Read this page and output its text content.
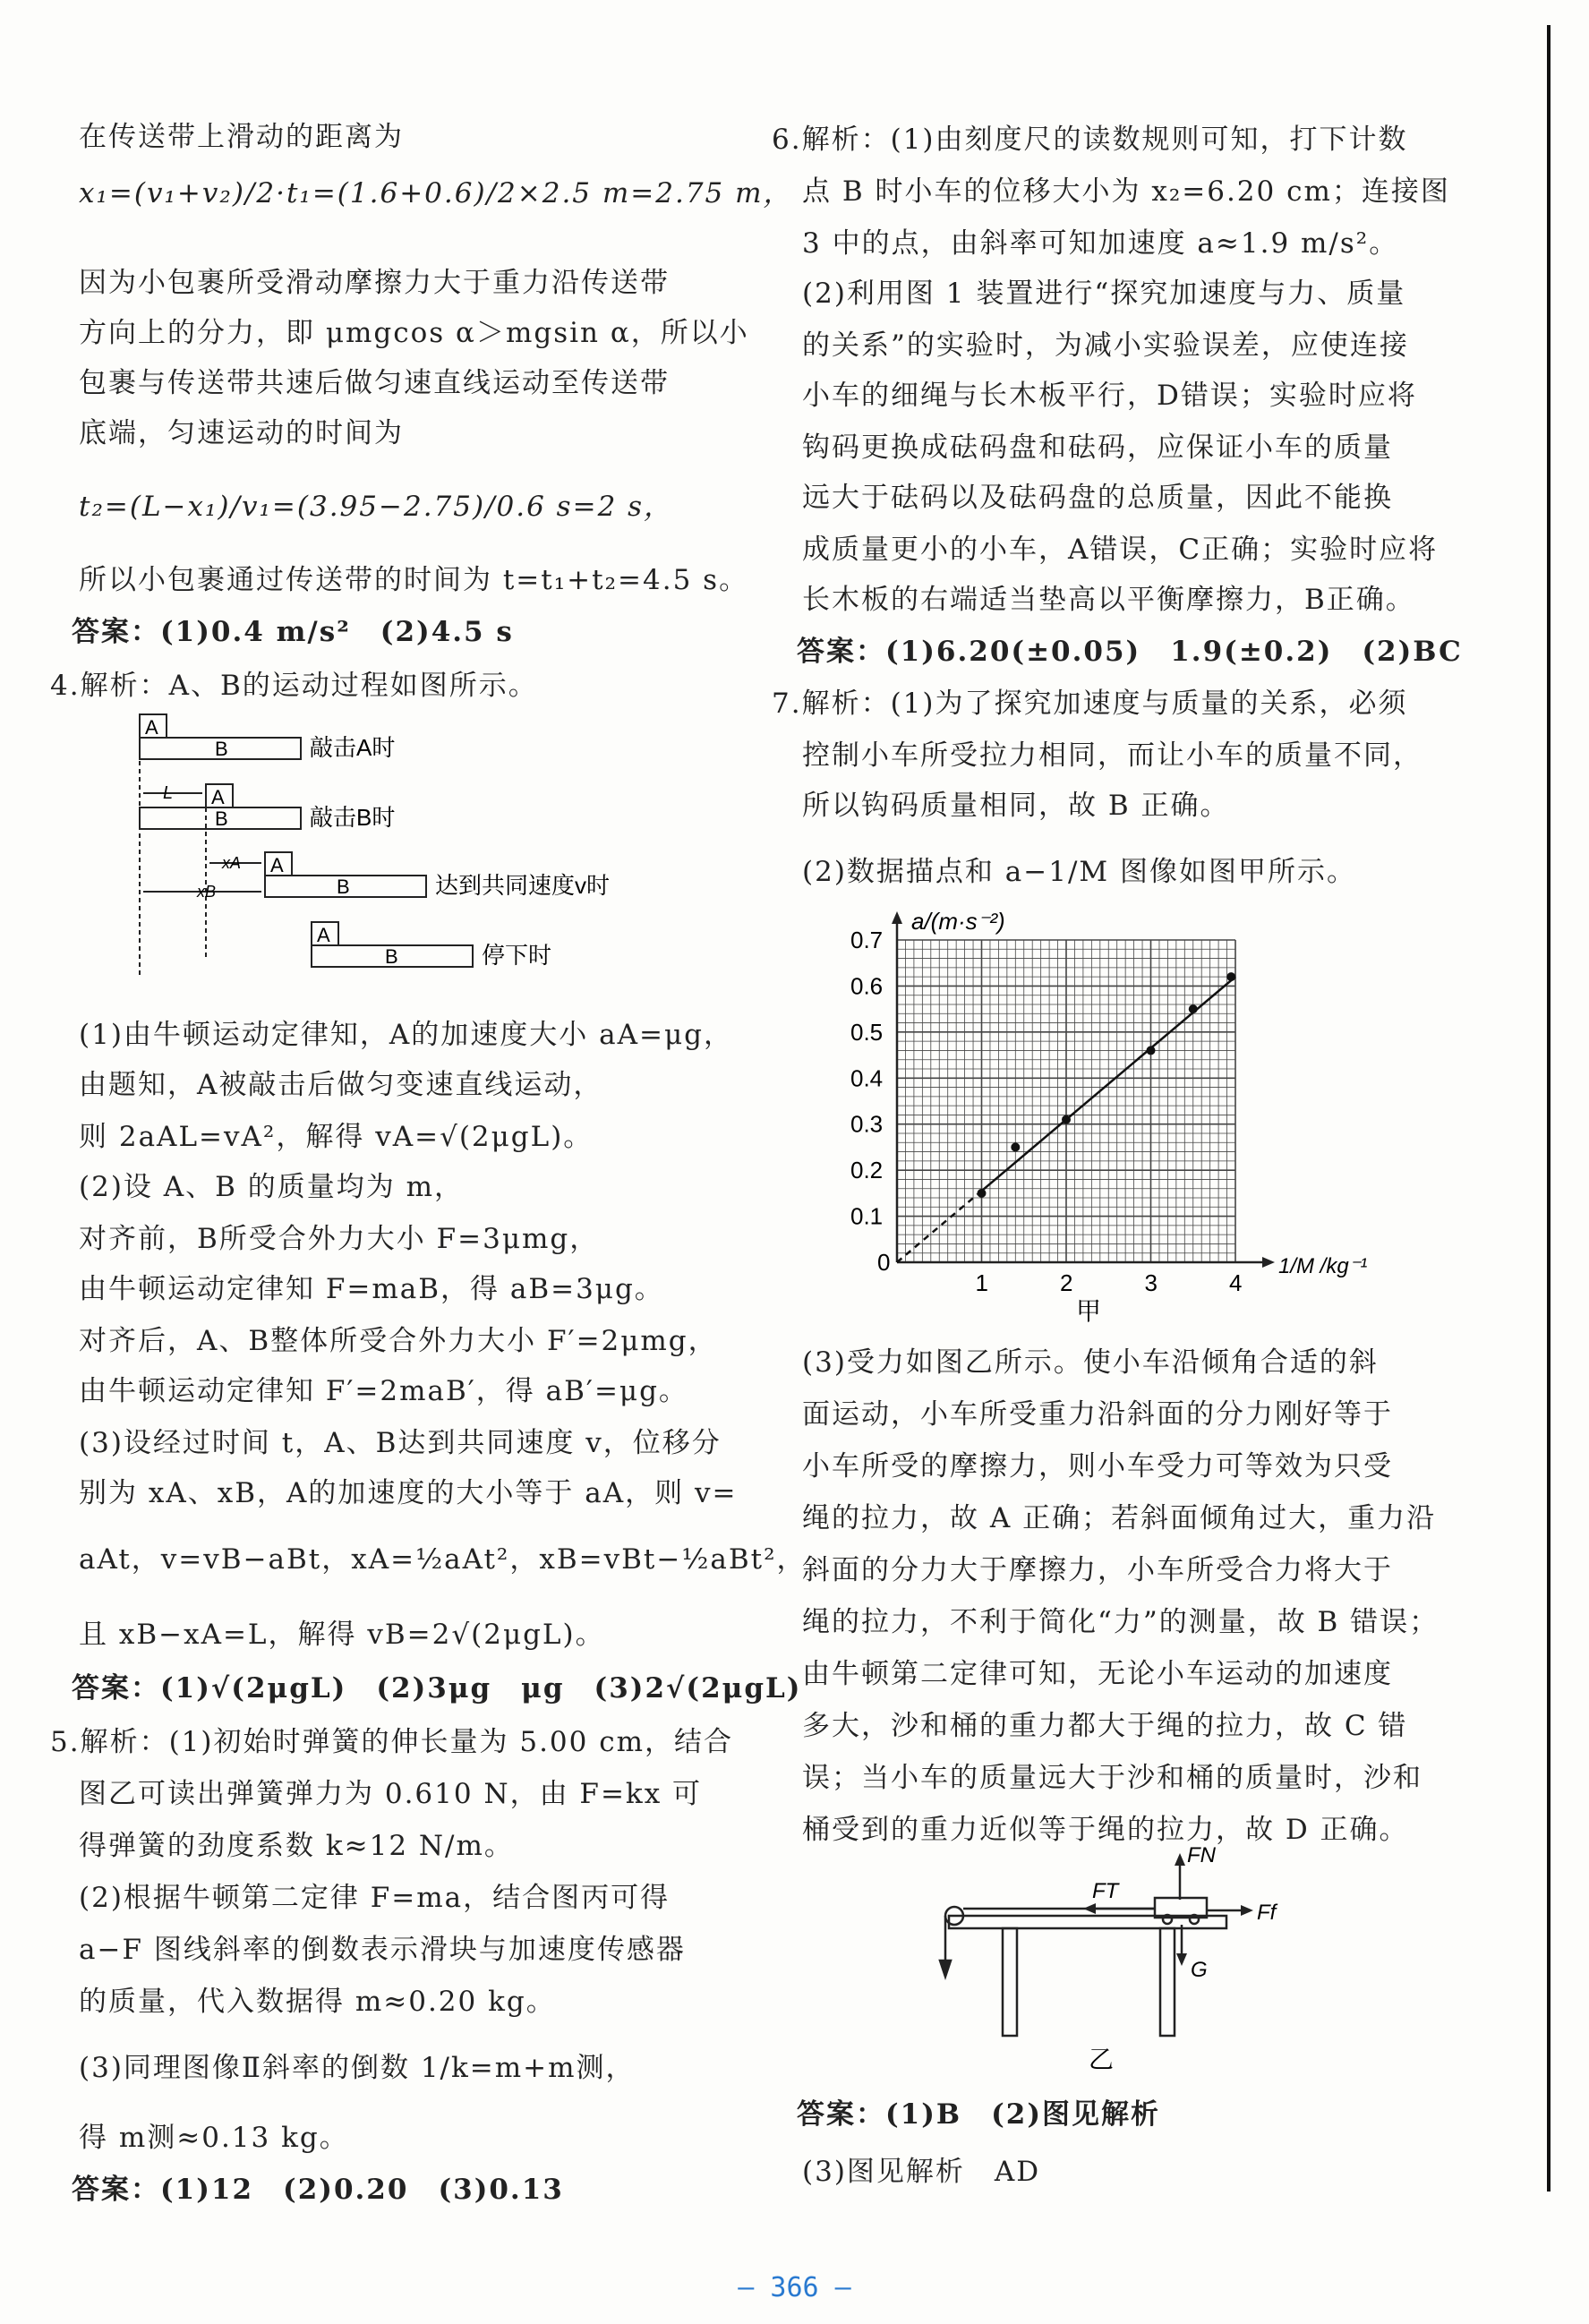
在传送带上滑动的距离为
x₁=(v₁+v₂)/2·t₁=(1.6+0.6)/2×2.5 m=2.75 m，
因为小包裹所受滑动摩擦力大于重力沿传送带
方向上的分力，即 μmgcos α＞mgsin α，所以小
包裹与传送带共速后做匀速直线运动至传送带
底端，匀速运动的时间为
t₂=(L−x₁)/v₁=(3.95−2.75)/0.6 s=2 s，
所以小包裹通过传送带的时间为 t=t₁+t₂=4.5 s。
答案：(1)0.4 m/s²　(2)4.5 s
4.解析：A、B的运动过程如图所示。
A
B	敲击A时
A
B	敲击B时
A
B	达到共同速度v时
A
B	停下时
L
xA
xB
(1)由牛顿运动定律知，A的加速度大小 aA=μg，
由题知，A被敲击后做匀变速直线运动，
则 2aAL=vA²，解得 vA=√(2μgL)。
(2)设 A、B 的质量均为 m，
对齐前，B所受合外力大小 F=3μmg，
由牛顿运动定律知 F=maB，得 aB=3μg。
对齐后，A、B整体所受合外力大小 F′=2μmg，
由牛顿运动定律知 F′=2maB′，得 aB′=μg。
(3)设经过时间 t，A、B达到共同速度 v，位移分
别为 xA、xB，A的加速度的大小等于 aA，则 v=
aAt，v=vB−aBt，xA=½aAt²，xB=vBt−½aBt²，
且 xB−xA=L，解得 vB=2√(2μgL)。
答案：(1)√(2μgL)　(2)3μg　μg　(3)2√(2μgL)
5.解析：(1)初始时弹簧的伸长量为 5.00 cm，结合
图乙可读出弹簧弹力为 0.610 N，由 F=kx 可
得弹簧的劲度系数 k≈12 N/m。
(2)根据牛顿第二定律 F=ma，结合图丙可得
a−F 图线斜率的倒数表示滑块与加速度传感器
的质量，代入数据得 m≈0.20 kg。
(3)同理图像Ⅱ斜率的倒数 1/k=m+m测，
得 m测≈0.13 kg。
答案：(1)12　(2)0.20　(3)0.13
6.解析：(1)由刻度尺的读数规则可知，打下计数
点 B 时小车的位移大小为 x₂=6.20 cm；连接图
3 中的点，由斜率可知加速度 a≈1.9 m/s²。
(2)利用图 1 装置进行“探究加速度与力、质量
的关系”的实验时，为减小实验误差，应使连接
小车的细绳与长木板平行，D错误；实验时应将
钩码更换成砝码盘和砝码，应保证小车的质量
远大于砝码以及砝码盘的总质量，因此不能换
成质量更小的小车，A错误，C正确；实验时应将
长木板的右端适当垫高以平衡摩擦力，B正确。
答案：(1)6.20(±0.05)　1.9(±0.2)　(2)BC
7.解析：(1)为了探究加速度与质量的关系，必须
控制小车所受拉力相同，而让小车的质量不同，
所以钩码质量相同，故 B 正确。
(2)数据描点和 a−1/M 图像如图甲所示。
1	2	3	4
0
0.1
0.2
0.3
0.4
0.5
0.6
0.7
a/(m·s⁻²)
1/M /kg⁻¹
甲
(3)受力如图乙所示。使小车沿倾角合适的斜
面运动，小车所受重力沿斜面的分力刚好等于
小车所受的摩擦力，则小车受力可等效为只受
绳的拉力，故 A 正确；若斜面倾角过大，重力沿
斜面的分力大于摩擦力，小车所受合力将大于
绳的拉力，不利于简化“力”的测量，故 B 错误；
由牛顿第二定律可知，无论小车运动的加速度
多大，沙和桶的重力都大于绳的拉力，故 C 错
误；当小车的质量远大于沙和桶的质量时，沙和
桶受到的重力近似等于绳的拉力，故 D 正确。
FT
FN
Ff
G
乙
答案：(1)B　(2)图见解析
(3)图见解析　AD
— 366 —
